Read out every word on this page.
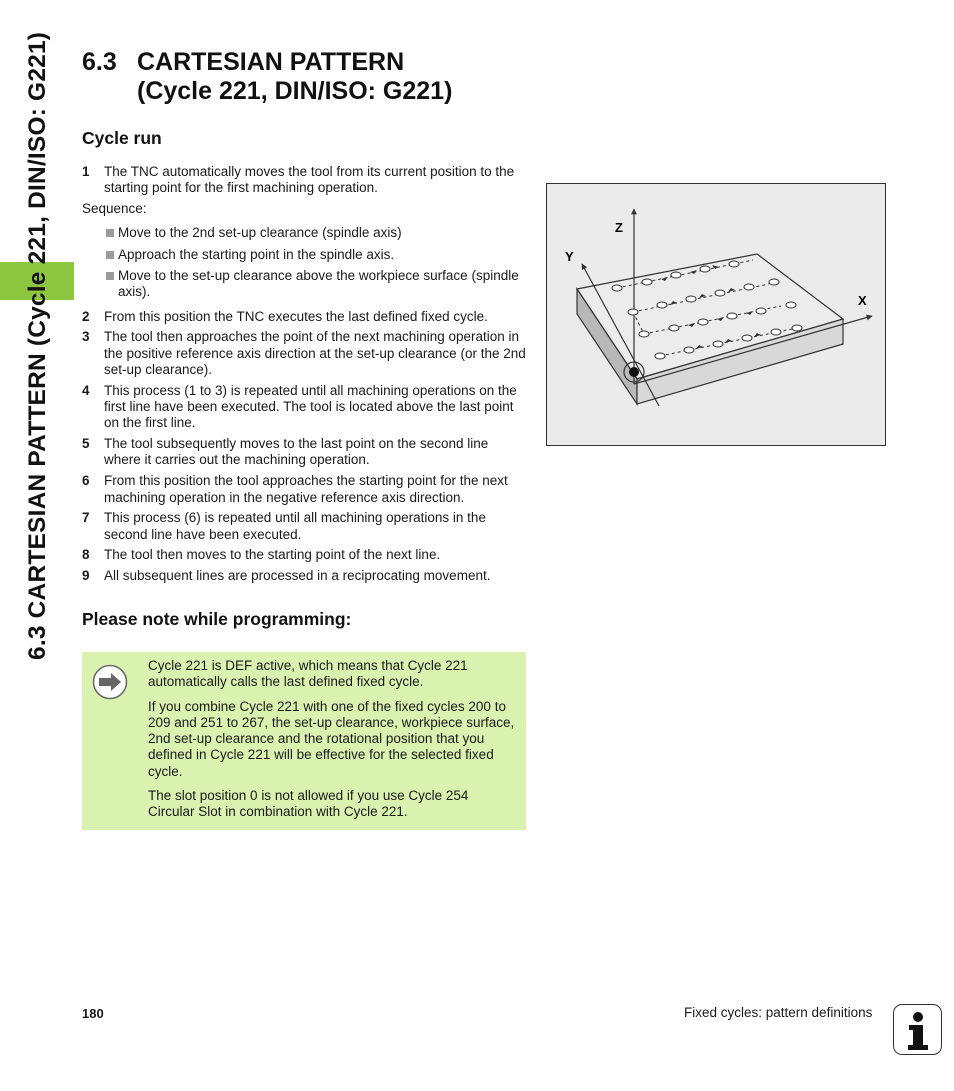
6.3 CARTESIAN PATTERN (Cycle 221, DIN/ISO: G221) 6.3 CARTESIAN PATTERN
(Cycle 221, DIN/ISO: G221)
Cycle run
1	The TNC automatically moves the tool from its current position to the starting point for the first machining operation.
Sequence:
Move to the 2nd set-up clearance (spindle axis)
Approach the starting point in the spindle axis.
Move to the set-up clearance above the workpiece surface (spindle axis).
2	From this position the TNC executes the last defined fixed cycle.
3	The tool then approaches the point of the next machining operation in the positive reference axis direction at the set-up clearance (or the 2nd set-up clearance).
4	This process (1 to 3) is repeated until all machining operations on the first line have been executed. The tool is located above the last point on the first line.
5	The tool subsequently moves to the last point on the second line where it carries out the machining operation.
6	From this position the tool approaches the starting point for the next machining operation in the negative reference axis direction.
7	This process (6) is repeated until all machining operations in the second line have been executed.
8	The tool then moves to the starting point of the next line.
9	All subsequent lines are processed in a reciprocating movement.
Z
Y
X
Please note while programming:

Cycle 221 is DEF active, which means that Cycle 221 automatically calls the last defined fixed cycle.

If you combine Cycle 221 with one of the fixed cycles 200 to 209 and 251 to 267, the set-up clearance, workpiece surface, 2nd set-up clearance and the rotational position that you defined in Cycle 221 will be effective for the selected fixed cycle.

The slot position 0 is not allowed if you use Cycle 254 Circular Slot in combination with Cycle 221.

180	Fixed cycles: pattern definitions
